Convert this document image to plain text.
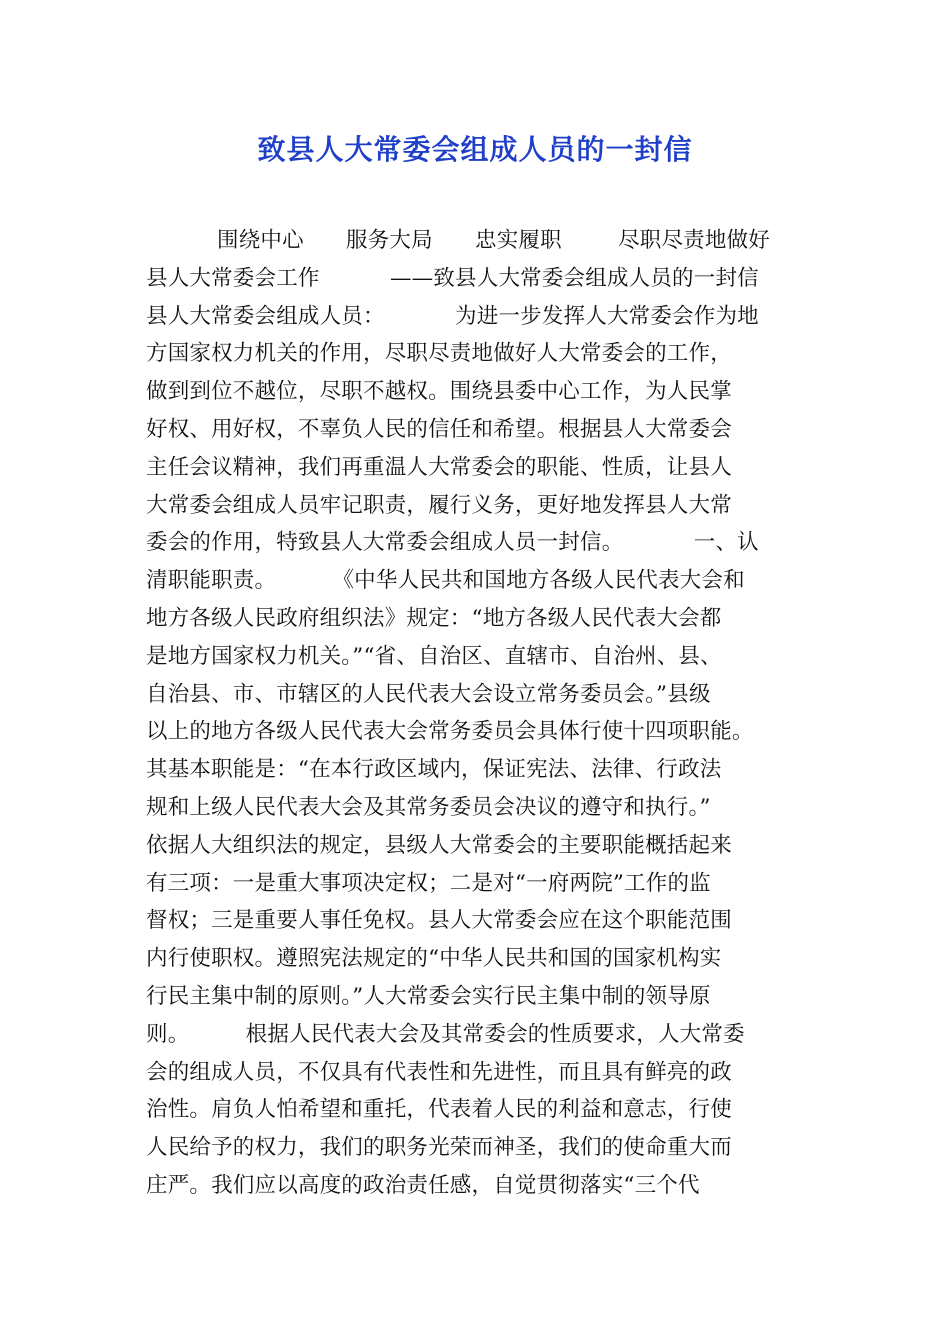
致县人大常委会组成人员的一封信
围绕中心      服务大局      忠实履职        尽职尽责地做好
县人大常委会工作          ——致县人大常委会组成人员的一封信
县人大常委会组成人员：          为进一步发挥人大常委会作为地
方国家权力机关的作用，尽职尽责地做好人大常委会的工作，
做到到位不越位，尽职不越权。围绕县委中心工作，为人民掌
好权、用好权，不辜负人民的信任和希望。根据县人大常委会
主任会议精神，我们再重温人大常委会的职能、性质，让县人
大常委会组成人员牢记职责，履行义务，更好地发挥县人大常
委会的作用，特致县人大常委会组成人员一封信。          一、认
清职能职责。        《中华人民共和国地方各级人民代表大会和
地方各级人民政府组织法》规定：“地方各级人民代表大会都
是地方国家权力机关。”“省、自治区、直辖市、自治州、县、
自治县、市、市辖区的人民代表大会设立常务委员会。”县级
以上的地方各级人民代表大会常务委员会具体行使十四项职能。
其基本职能是：“在本行政区域内，保证宪法、法律、行政法
规和上级人民代表大会及其常务委员会决议的遵守和执行。”
依据人大组织法的规定，县级人大常委会的主要职能概括起来
有三项：一是重大事项决定权；二是对“一府两院”工作的监
督权；三是重要人事任免权。县人大常委会应在这个职能范围
内行使职权。遵照宪法规定的“中华人民共和国的国家机构实
行民主集中制的原则。”人大常委会实行民主集中制的领导原
则。        根据人民代表大会及其常委会的性质要求，人大常委
会的组成人员，不仅具有代表性和先进性，而且具有鲜亮的政
治性。肩负人怕希望和重托，代表着人民的利益和意志，行使
人民给予的权力，我们的职务光荣而神圣，我们的使命重大而
庄严。我们应以高度的政治责任感，自觉贯彻落实“三个代
